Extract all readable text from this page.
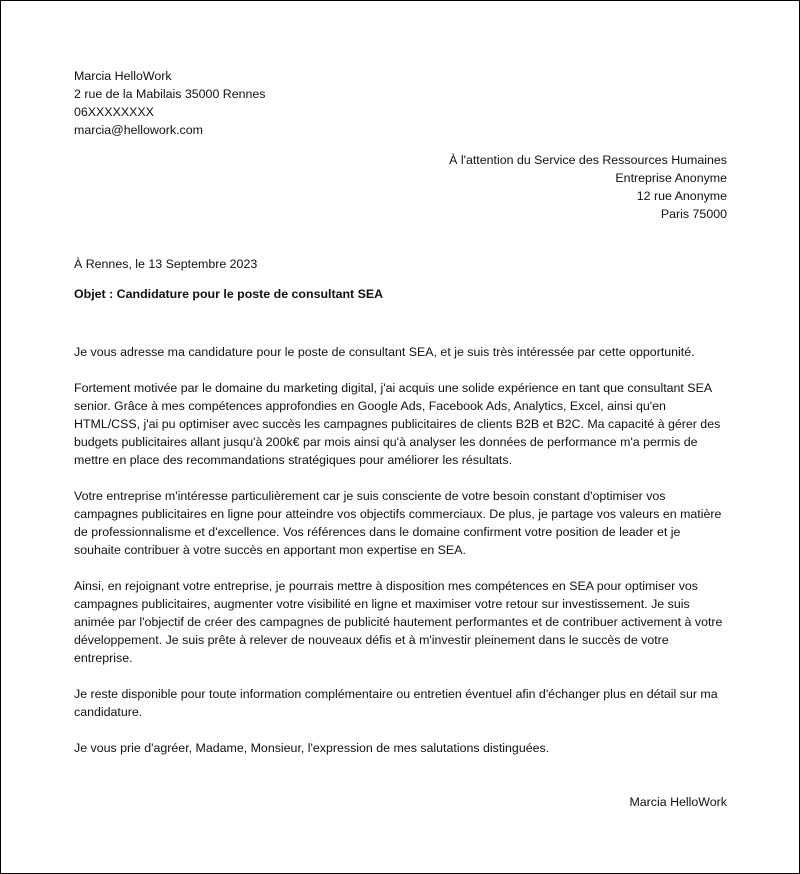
Marcia HelloWork
2 rue de la Mabilais 35000 Rennes
06XXXXXXXX
marcia@hellowork.com
À l'attention du Service des Ressources Humaines
Entreprise Anonyme
12 rue Anonyme
Paris 75000
À Rennes, le 13 Septembre 2023
Objet : Candidature pour le poste de consultant SEA

Je vous adresse ma candidature pour le poste de consultant SEA, et je suis très intéressée par cette opportunité.

Fortement motivée par le domaine du marketing digital, j'ai acquis une solide expérience en tant que consultant SEA senior. Grâce à mes compétences approfondies en Google Ads, Facebook Ads, Analytics, Excel, ainsi qu'en HTML/CSS, j'ai pu optimiser avec succès les campagnes publicitaires de clients B2B et B2C. Ma capacité à gérer des budgets publicitaires allant jusqu'à 200k€ par mois ainsi qu'à analyser les données de performance m'a permis de mettre en place des recommandations stratégiques pour améliorer les résultats.

Votre entreprise m'intéresse particulièrement car je suis consciente de votre besoin constant d'optimiser vos campagnes publicitaires en ligne pour atteindre vos objectifs commerciaux. De plus, je partage vos valeurs en matière de professionnalisme et d'excellence. Vos références dans le domaine confirment votre position de leader et je souhaite contribuer à votre succès en apportant mon expertise en SEA.

Ainsi, en rejoignant votre entreprise, je pourrais mettre à disposition mes compétences en SEA pour optimiser vos campagnes publicitaires, augmenter votre visibilité en ligne et maximiser votre retour sur investissement. Je suis animée par l'objectif de créer des campagnes de publicité hautement performantes et de contribuer activement à votre développement. Je suis prête à relever de nouveaux défis et à m'investir pleinement dans le succès de votre entreprise.

Je reste disponible pour toute information complémentaire ou entretien éventuel afin d'échanger plus en détail sur ma candidature.

Je vous prie d'agréer, Madame, Monsieur, l'expression de mes salutations distinguées.

Marcia HelloWork
